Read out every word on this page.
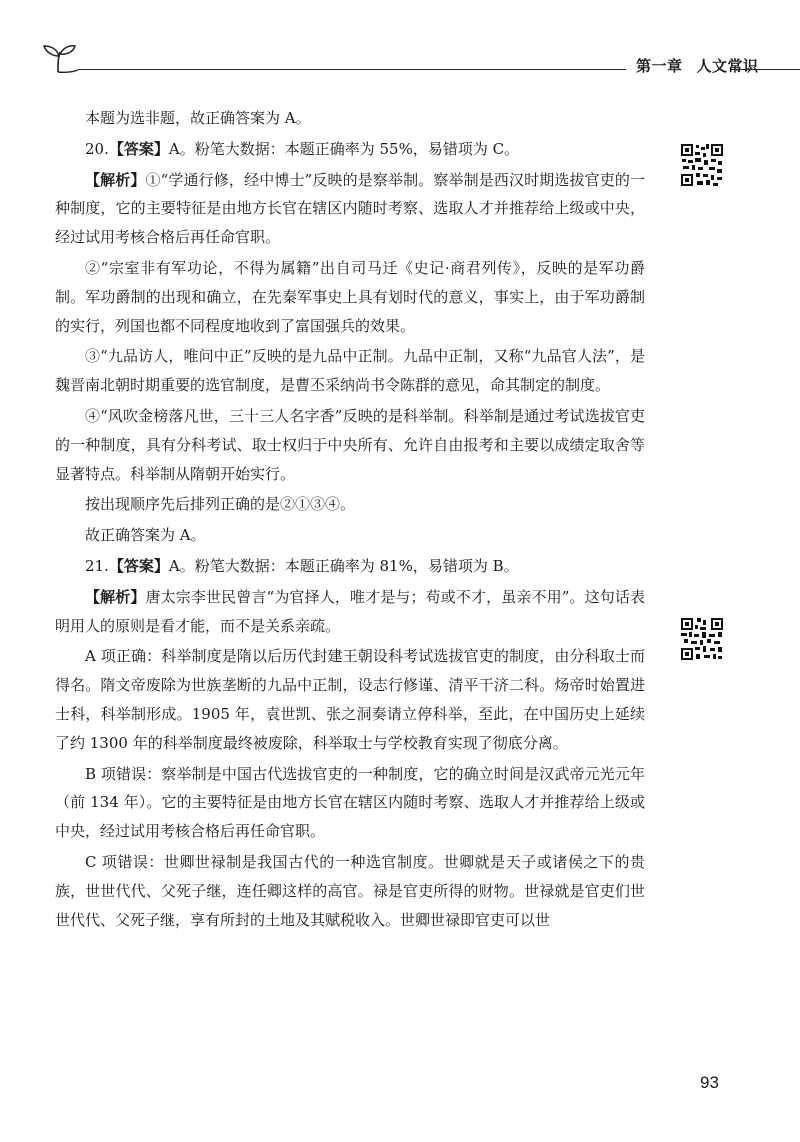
第一章 人文常识

本题为选非题，故正确答案为 A。

20.【答案】A。粉笔大数据：本题正确率为 55%，易错项为 C。

【解析】①“学通行修，经中博士”反映的是察举制。察举制是西汉时期选拔官吏的一种制度，它的主要特征是由地方长官在辖区内随时考察、选取人才并推荐给上级或中央，经过试用考核合格后再任命官职。

②“宗室非有军功论，不得为属籍”出自司马迁《史记·商君列传》，反映的是军功爵制。军功爵制的出现和确立，在先秦军事史上具有划时代的意义，事实上，由于军功爵制的实行，列国也都不同程度地收到了富国强兵的效果。

③“九品访人，唯问中正”反映的是九品中正制。九品中正制，又称“九品官人法”，是魏晋南北朝时期重要的选官制度，是曹丕采纳尚书令陈群的意见，命其制定的制度。

④“风吹金榜落凡世，三十三人名字香”反映的是科举制。科举制是通过考试选拔官吏的一种制度，具有分科考试、取士权归于中央所有、允许自由报考和主要以成绩定取舍等显著特点。科举制从隋朝开始实行。

按出现顺序先后排列正确的是②①③④。

故正确答案为 A。

21.【答案】A。粉笔大数据：本题正确率为 81%，易错项为 B。

【解析】唐太宗李世民曾言“为官择人，唯才是与；苟或不才，虽亲不用”。这句话表明用人的原则是看才能，而不是关系亲疏。

A 项正确：科举制度是隋以后历代封建王朝设科考试选拔官吏的制度，由分科取士而得名。隋文帝废除为世族垄断的九品中正制，设志行修谨、清平干济二科。炀帝时始置进士科，科举制形成。1905 年，袁世凯、张之洞奏请立停科举，至此，在中国历史上延续了约 1300 年的科举制度最终被废除，科举取士与学校教育实现了彻底分离。

B 项错误：察举制是中国古代选拔官吏的一种制度，它的确立时间是汉武帝元光元年（前 134 年）。它的主要特征是由地方长官在辖区内随时考察、选取人才并推荐给上级或中央，经过试用考核合格后再任命官职。

C 项错误：世卿世禄制是我国古代的一种选官制度。世卿就是天子或诸侯之下的贵族，世世代代、父死子继，连任卿这样的高官。禄是官吏所得的财物。世禄就是官吏们世世代代、父死子继，享有所封的土地及其赋税收入。世卿世禄即官吏可以世

93
